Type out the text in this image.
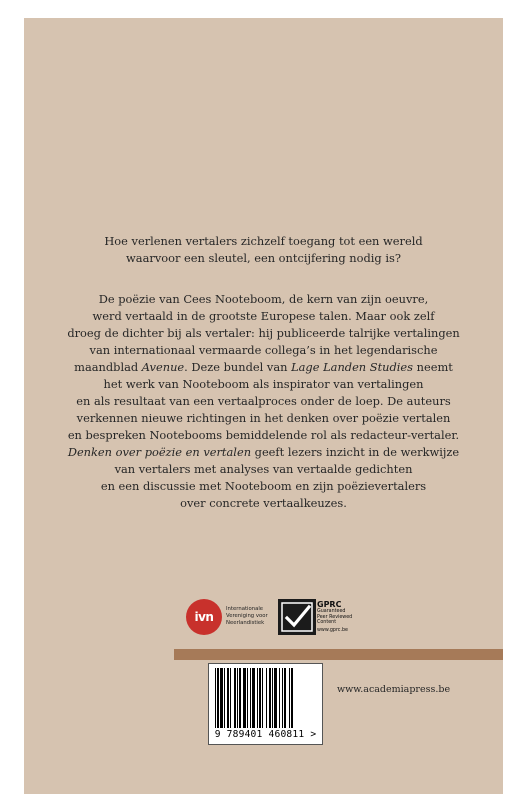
Hoe verlenen vertalers zichzelf toegang tot een wereld
waarvoor een sleutel, een ontcijfering nodig is?
De poëzie van Cees Nooteboom, de kern van zijn oeuvre,
werd vertaald in de grootste Europese talen. Maar ook zelf
droeg de dichter bij als vertaler: hij publiceerde talrijke vertalingen
van internationaal vermaarde collega’s in het legendarische
maandblad Avenue. Deze bundel van Lage Landen Studies neemt
het werk van Nooteboom als inspirator van vertalingen
en als resultaat van een vertaalproces onder de loep. De auteurs
verkennen nieuwe richtingen in het denken over poëzie vertalen
en bespreken Nootebooms bemiddelende rol als redacteur-vertaler.
Denken over poëzie en vertalen geeft lezers inzicht in de werkwijze
van vertalers met analyses van vertaalde gedichten
en een discussie met Nooteboom en zijn poëzievertalers
over concrete vertaalkeuzes.
ivn
Internationale
Vereniging voor
Neerlandistiek
GPRC
Guaranteed
Peer Reviewed
Content
www.gprc.be
9 789401 460811 >
www.academiapress.be
